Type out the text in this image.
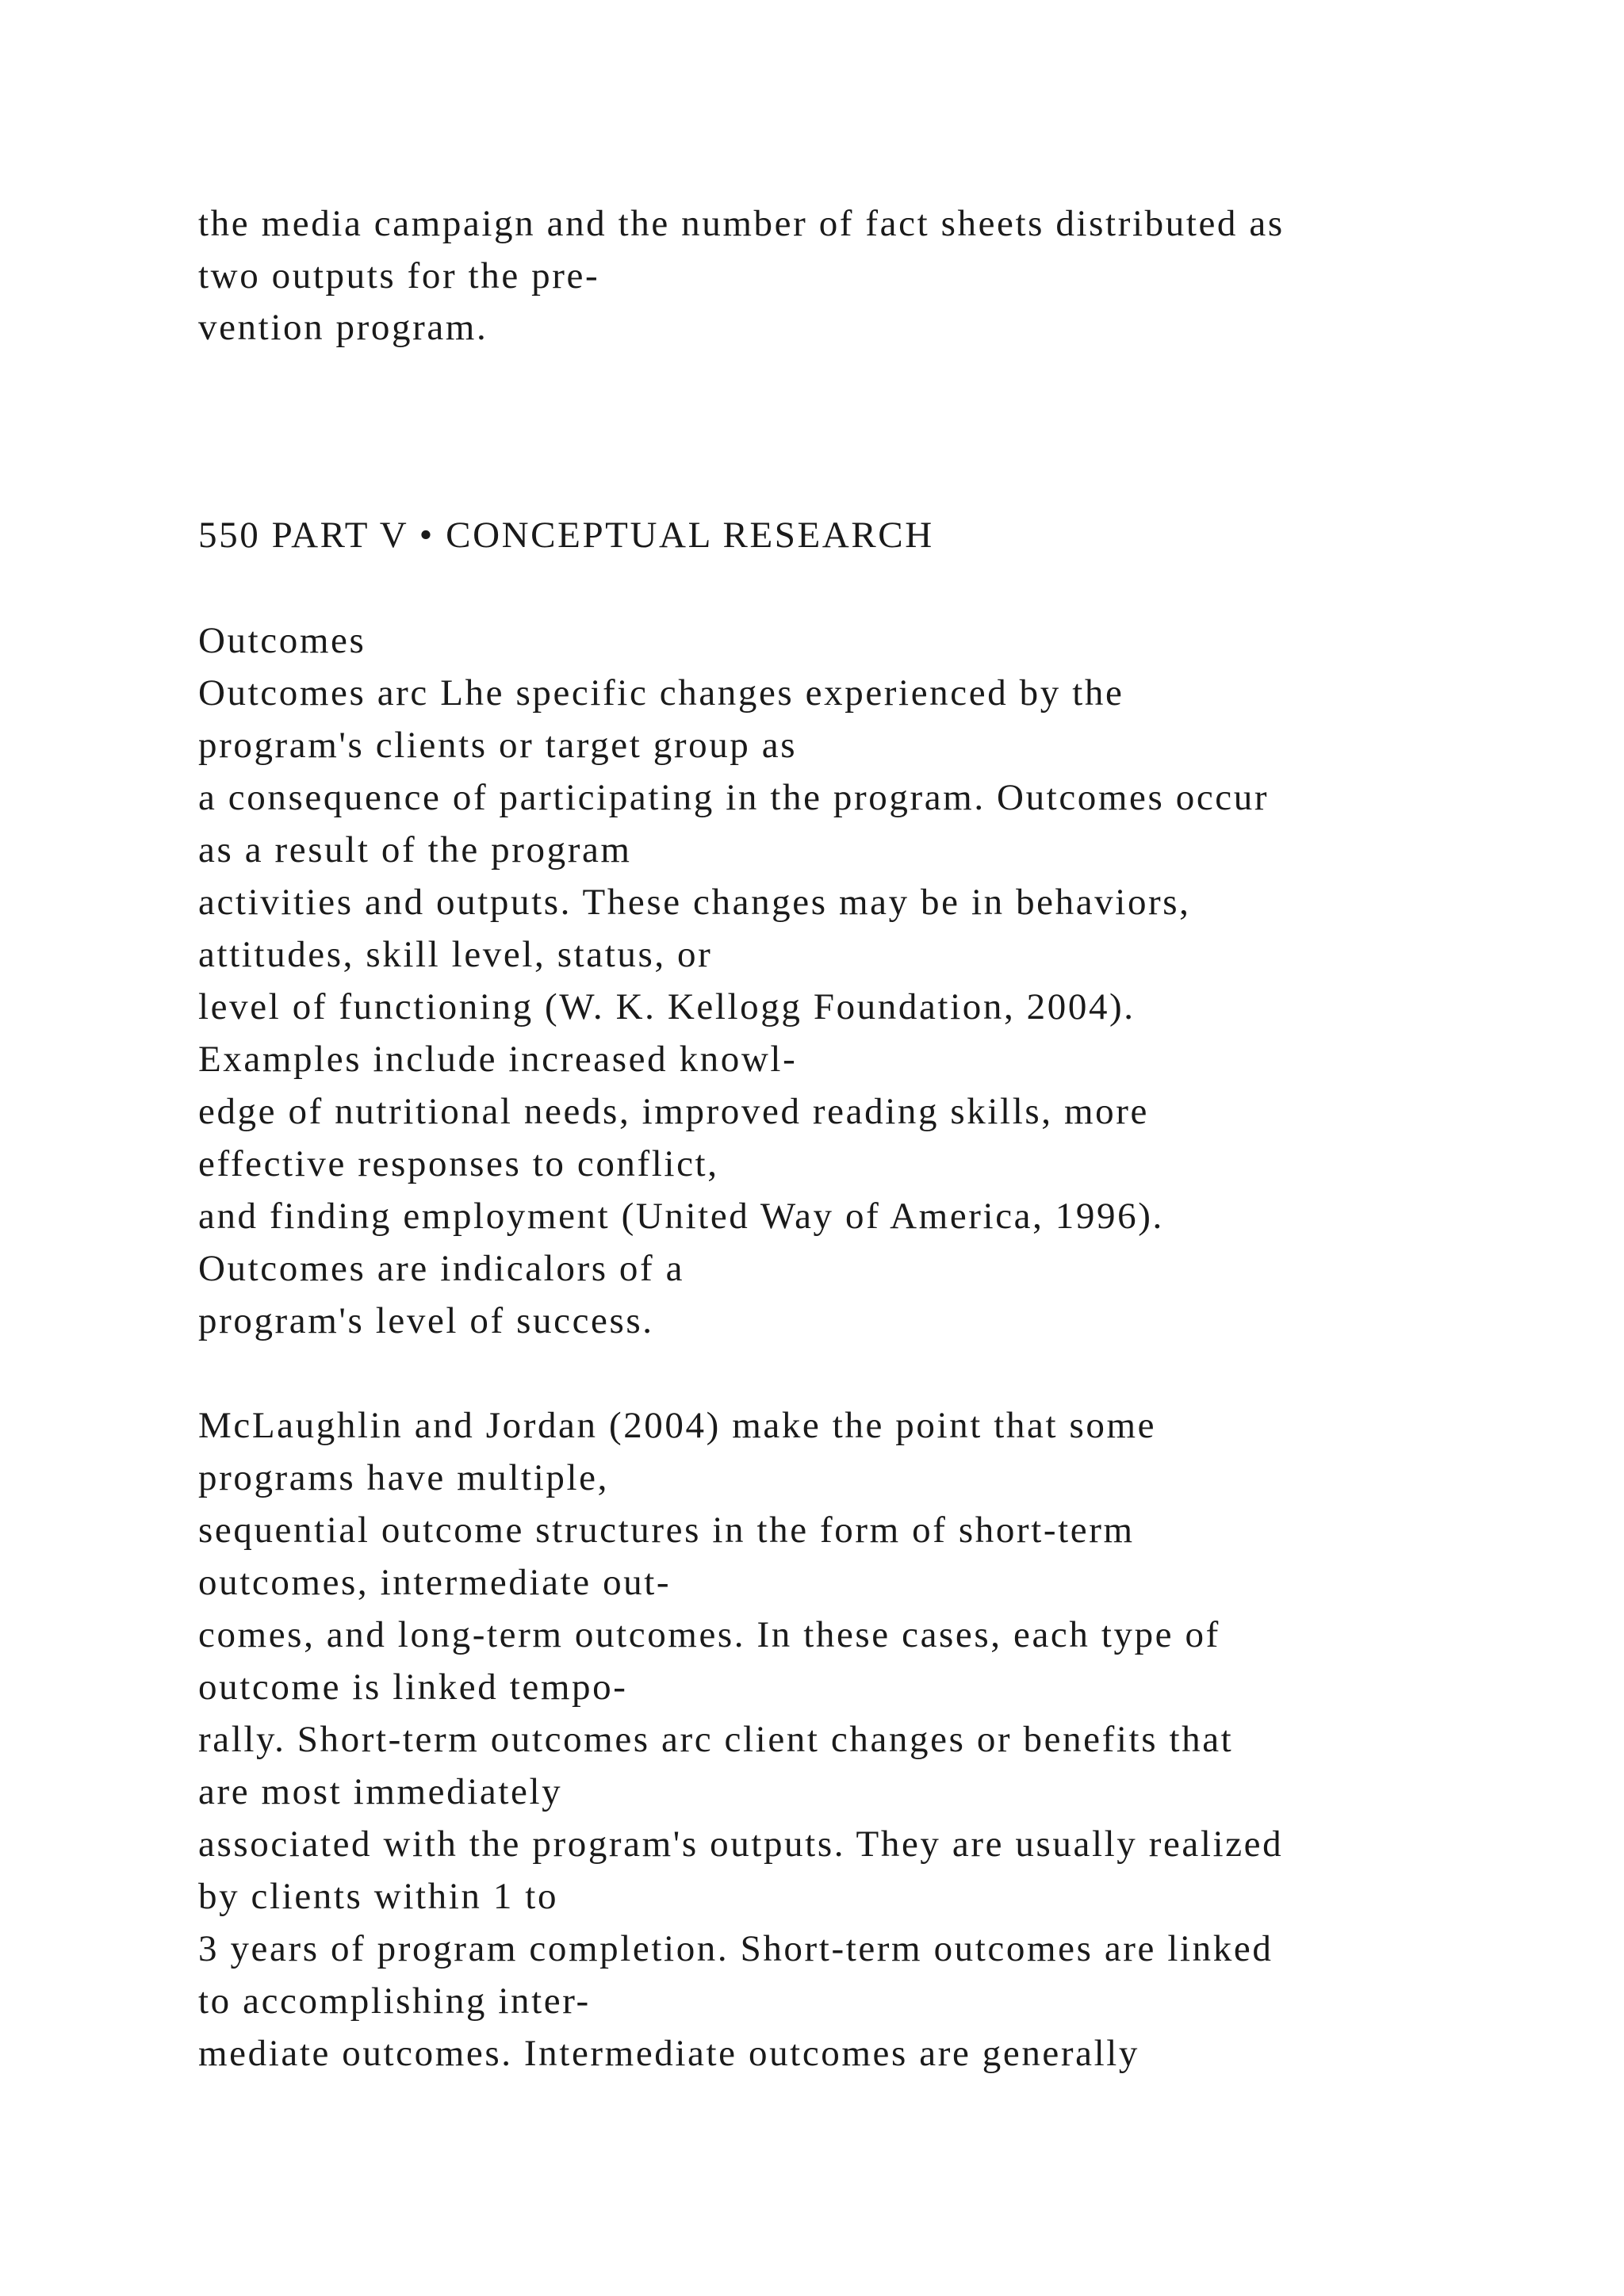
the media campaign and the number of fact sheets distributed as

two outputs for the pre-

vention program.

550 PART V • CONCEPTUAL RESEARCH

Outcomes

Outcomes arc Lhe specific changes experienced by the

program's clients or target group as

a consequence of participating in the program. Outcomes occur

as a result of the program

activities and outputs. These changes may be in behaviors,

attitudes, skill level, status, or

level of functioning (W. K. Kellogg Foundation, 2004).

Examples include increased knowl-

edge of nutritional needs, improved reading skills, more

effective responses to conflict,

and finding employment (United Way of America, 1996).

Outcomes are indicalors of a

program's level of success.

McLaughlin and Jordan (2004) make the point that some

programs have multiple,

sequential outcome structures in the form of short-term

outcomes, intermediate out-

comes, and long-term outcomes. In these cases, each type of

outcome is linked tempo-

rally. Short-term outcomes arc client changes or benefits that

are most immediately

associated with the program's outputs. They are usually realized

by clients within 1 to

3 years of program completion. Short-term outcomes are linked

to accomplishing inter-

mediate outcomes. Intermediate outcomes are generally
